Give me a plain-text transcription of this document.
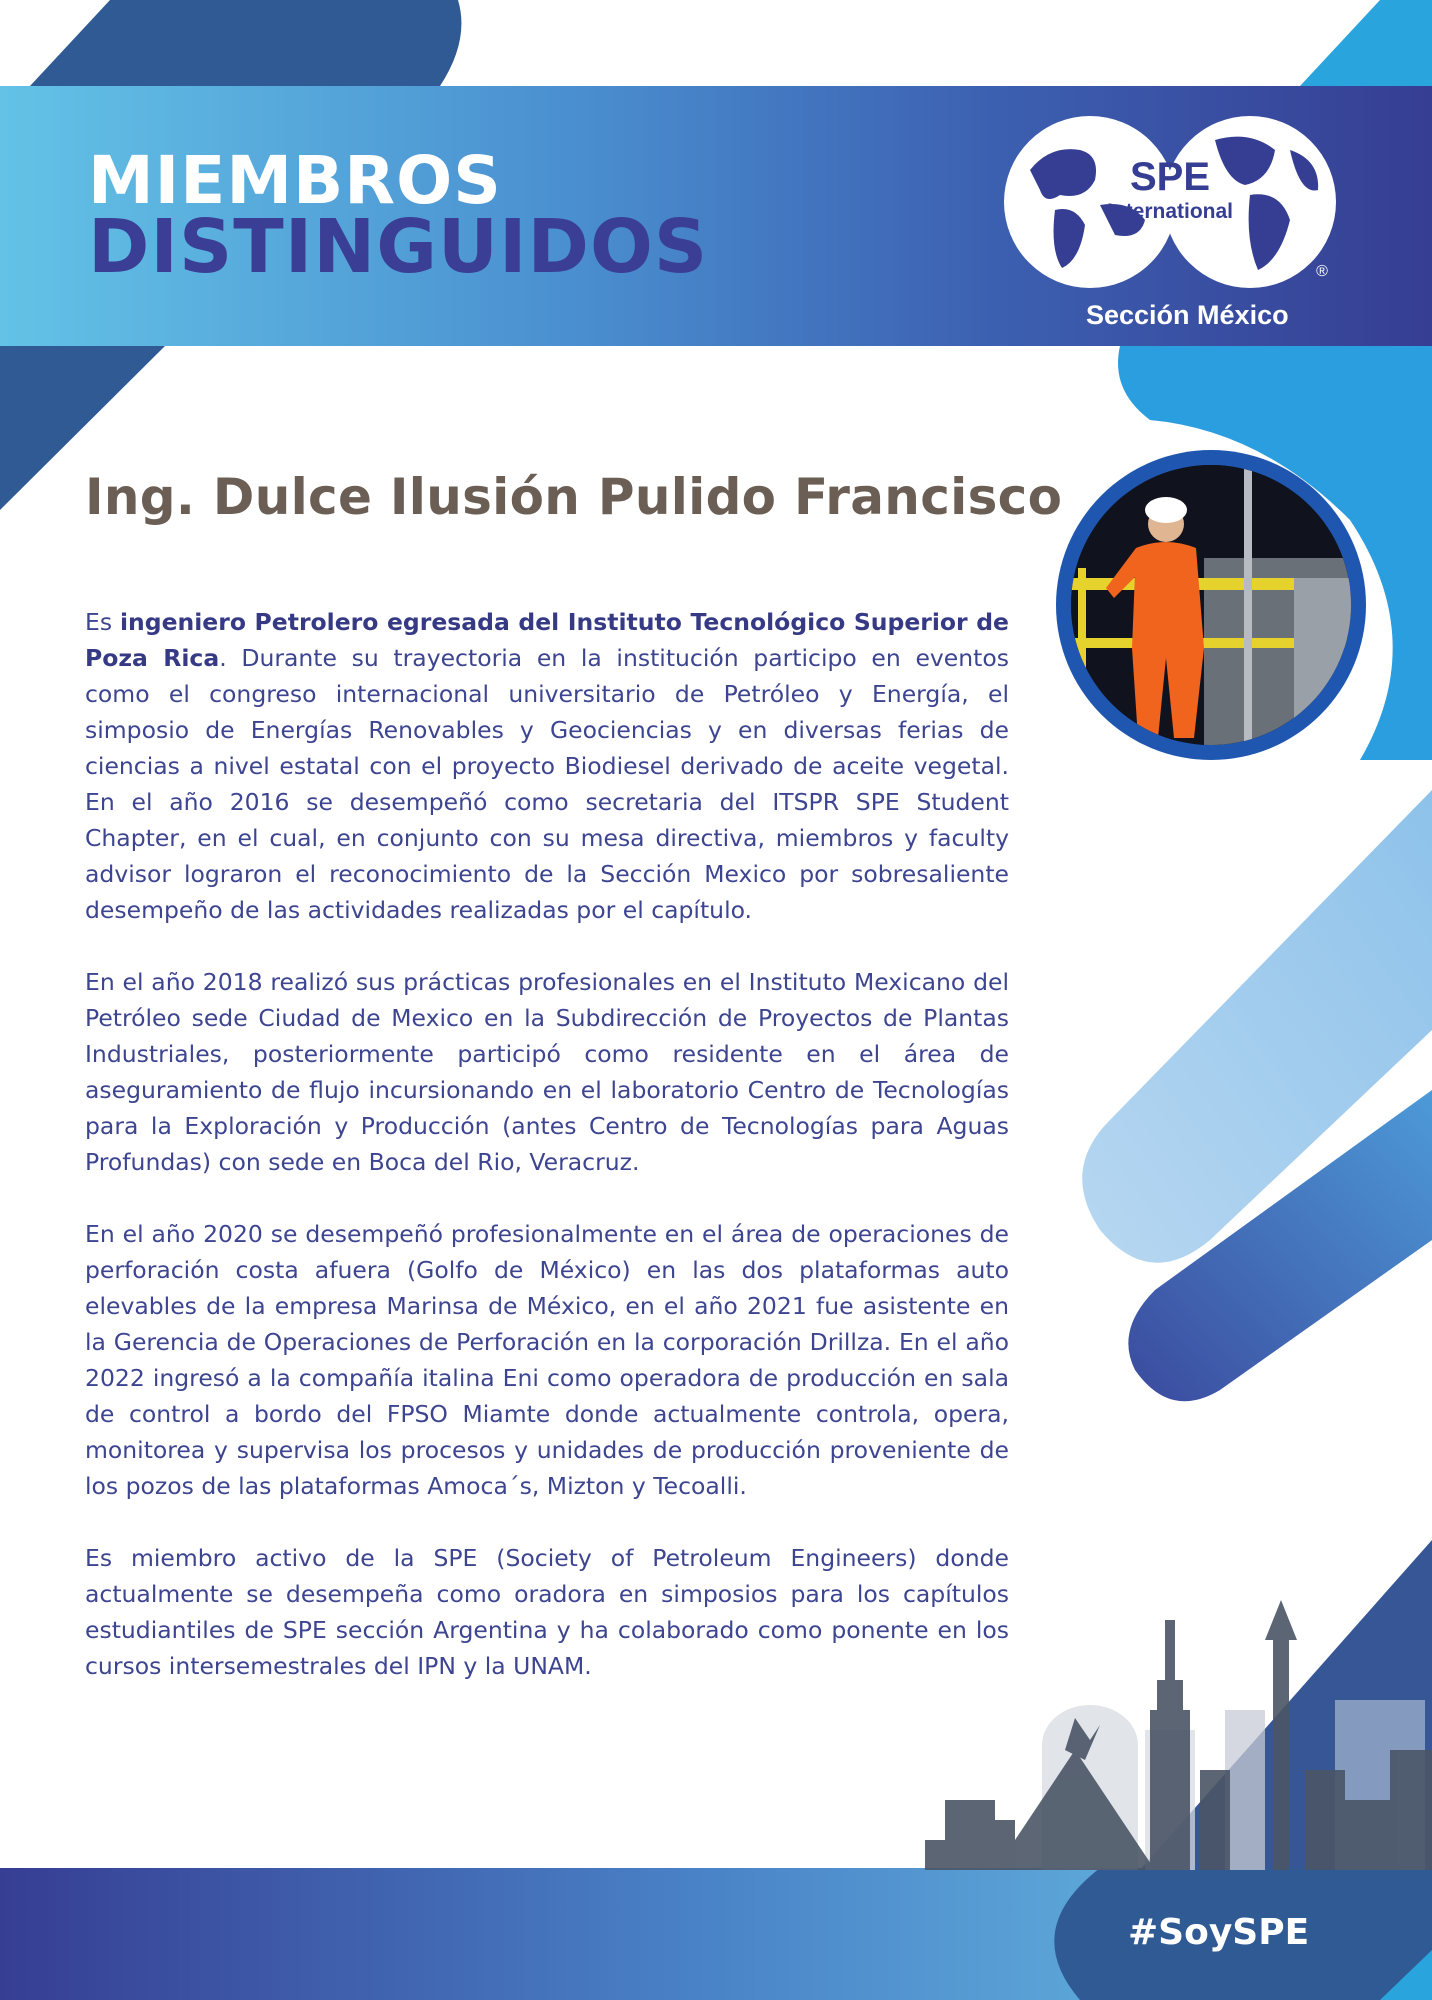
MIEMBROS
DISTINGUIDOS
SPE
International
®
Sección México
Ing. Dulce Ilusión Pulido Francisco

Es ingeniero Petrolero egresada del Instituto Tecnológico Superior de Poza Rica. Durante su trayectoria en la institución participo en eventos como el congreso internacional universitario de Petróleo y Energía, el simposio de Energías Renovables y Geociencias y en diversas ferias de ciencias a nivel estatal con el proyecto Biodiesel derivado de aceite vegetal. En el año 2016 se desempeñó como secretaria del ITSPR SPE Student Chapter, en el cual, en conjunto con su mesa directiva, miembros y faculty advisor lograron el reconocimiento de la Sección Mexico por sobresaliente desempeño de las actividades realizadas por el capítulo.

En el año 2018 realizó sus prácticas profesionales en el Instituto Mexicano del Petróleo sede Ciudad de Mexico en la Subdirección de Proyectos de Plantas Industriales, posteriormente participó como residente en el área de aseguramiento de flujo incursionando en el laboratorio Centro de Tecnologías para la Exploración y Producción (antes Centro de Tecnologías para Aguas Profundas) con sede en Boca del Rio, Veracruz.

En el año 2020 se desempeñó profesionalmente en el área de operaciones de perforación costa afuera (Golfo de México) en las dos plataformas auto elevables de la empresa Marinsa de México, en el año 2021 fue asistente en la Gerencia de Operaciones de Perforación en la corporación Drillza. En el año 2022 ingresó a la compañía italina Eni como operadora de producción en sala de control a bordo del FPSO Miamte donde actualmente controla, opera, monitorea y supervisa los procesos y unidades de producción proveniente de los pozos de las plataformas Amoca´s, Mizton y Tecoalli.

Es miembro activo de la SPE (Society of Petroleum Engineers) donde actualmente se desempeña como oradora en simposios para los capítulos estudiantiles de SPE sección Argentina y ha colaborado como ponente en los cursos intersemestrales del IPN y la UNAM.

#SoySPE
